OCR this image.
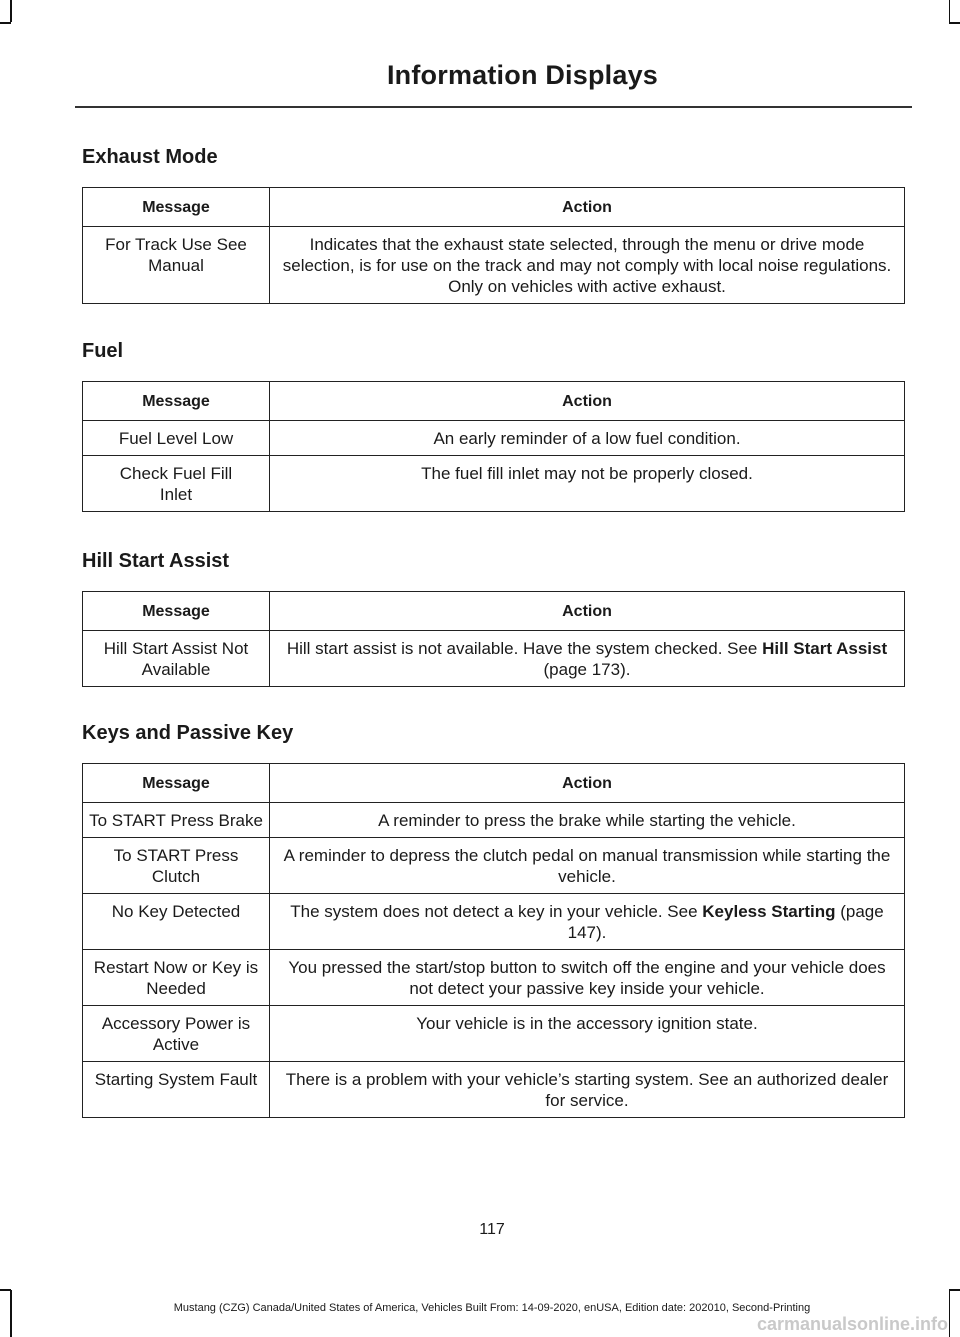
Information Displays
Exhaust Mode
Message	Action
For Track Use See Manual	Indicates that the exhaust state selected, through the menu or drive mode selection, is for use on the track and may not comply with local noise regulations. Only on vehicles with active exhaust.
Fuel
Message	Action
Fuel Level Low	An early reminder of a low fuel condition.
Check Fuel Fill Inlet	The fuel fill inlet may not be properly closed.
Hill Start Assist
Message	Action
Hill Start Assist Not Available	Hill start assist is not available. Have the system checked. See Hill Start Assist (page 173).
Keys and Passive Key
Message	Action
To START Press Brake	A reminder to press the brake while starting the vehicle.
To START Press Clutch	A reminder to depress the clutch pedal on manual transmission while starting the vehicle.
No Key Detected	The system does not detect a key in your vehicle. See Keyless Starting (page 147).
Restart Now or Key is Needed	You pressed the start/stop button to switch off the engine and your vehicle does not detect your passive key inside your vehicle.
Accessory Power is Active	Your vehicle is in the accessory ignition state.
Starting System Fault	There is a problem with your vehicle’s starting system. See an authorized dealer for service.
117
Mustang (CZG) Canada/United States of America, Vehicles Built From: 14-09-2020, enUSA, Edition date: 202010, Second-Printing
carmanualsonline.info
